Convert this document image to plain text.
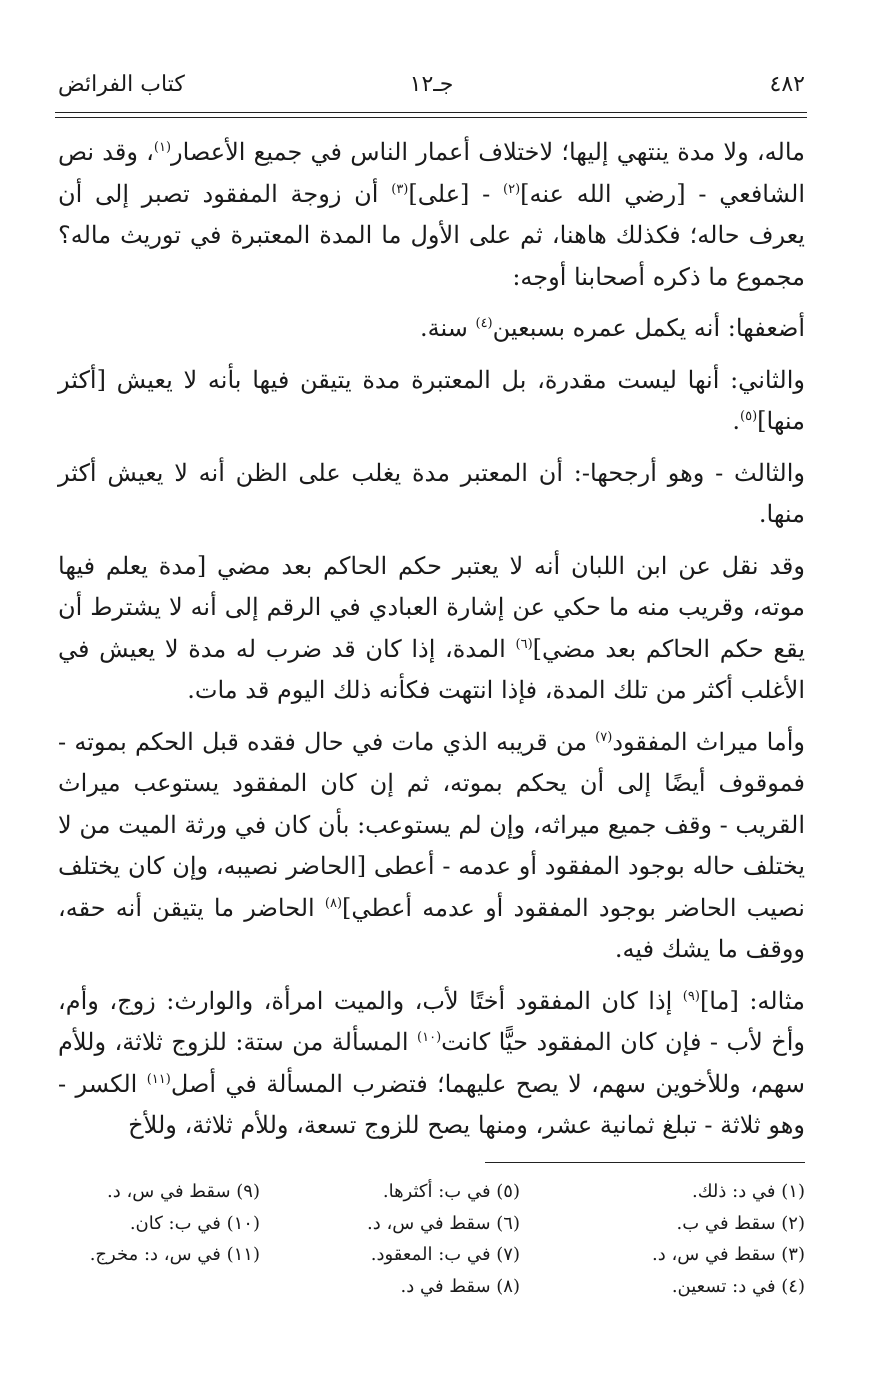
٤٨٢
جـ١٢
كتاب الفرائض

ماله، ولا مدة ينتهي إليها؛ لاختلاف أعمار الناس في جميع الأعصار$^{(١)}$، وقد نص الشافعي - [رضي الله عنه]$^{(٢)}$ - [على]$^{(٣)}$ أن زوجة المفقود تصبر إلى أن يعرف حاله؛ فكذلك هاهنا، ثم على الأول ما المدة المعتبرة في توريث ماله؟ مجموع ما ذكره أصحابنا أوجه:

أضعفها: أنه يكمل عمره بسبعين$^{(٤)}$ سنة.

والثاني: أنها ليست مقدرة، بل المعتبرة مدة يتيقن فيها بأنه لا يعيش [أكثر منها]$^{(٥)}$.

والثالث - وهو أرجحها-: أن المعتبر مدة يغلب على الظن أنه لا يعيش أكثر منها.

وقد نقل عن ابن اللبان أنه لا يعتبر حكم الحاكم بعد مضي [مدة يعلم فيها موته، وقريب منه ما حكي عن إشارة العبادي في الرقم إلى أنه لا يشترط أن يقع حكم الحاكم بعد مضي]$^{(٦)}$ المدة، إذا كان قد ضرب له مدة لا يعيش في الأغلب أكثر من تلك المدة، فإذا انتهت فكأنه ذلك اليوم قد مات.

وأما ميراث المفقود$^{(٧)}$ من قريبه الذي مات في حال فقده قبل الحكم بموته - فموقوف أيضًا إلى أن يحكم بموته، ثم إن كان المفقود يستوعب ميراث القريب - وقف جميع ميراثه، وإن لم يستوعب: بأن كان في ورثة الميت من لا يختلف حاله بوجود المفقود أو عدمه - أعطى [الحاضر نصيبه، وإن كان يختلف نصيب الحاضر بوجود المفقود أو عدمه أعطي]$^{(٨)}$ الحاضر ما يتيقن أنه حقه، ووقف ما يشك فيه.

مثاله: [ما]$^{(٩)}$ إذا كان المفقود أختًا لأب، والميت امرأة، والوارث: زوج، وأم، وأخ لأب - فإن كان المفقود حيًّا كانت$^{(١٠)}$ المسألة من ستة: للزوج ثلاثة، وللأم سهم، وللأخوين سهم، لا يصح عليهما؛ فتضرب المسألة في أصل$^{(١١)}$ الكسر - وهو ثلاثة - تبلغ ثمانية عشر، ومنها يصح للزوج تسعة، وللأم ثلاثة، وللأخ

(١) في د: ذلك.
(٢) سقط في ب.
(٣) سقط في س، د.
(٤) في د: تسعين.
(٥) في ب: أكثرها.
(٦) سقط في س، د.
(٧) في ب: المعقود.
(٨) سقط في د.
(٩) سقط في س، د.
(١٠) في ب: كان.
(١١) في س، د: مخرج.
